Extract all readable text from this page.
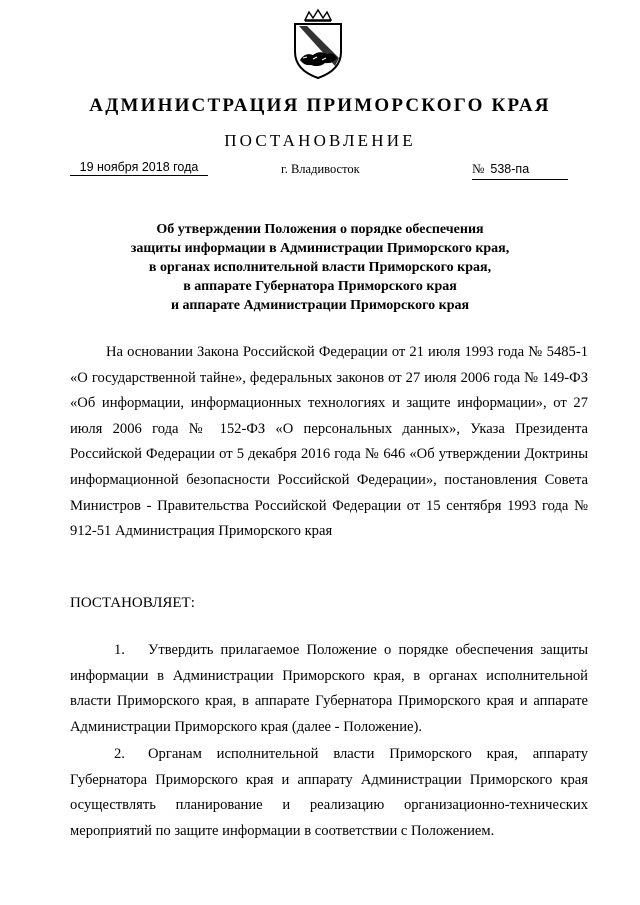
АДМИНИСТРАЦИЯ ПРИМОРСКОГО КРАЯ
ПОСТАНОВЛЕНИЕ
19 ноября 2018 года	г. Владивосток	№ 538-па
Об утверждении Положения о порядке обеспечения
защиты информации в Администрации Приморского края,
в органах исполнительной власти Приморского края,
в аппарате Губернатора Приморского края
и аппарате Администрации Приморского края
На основании Закона Российской Федерации от 21 июля 1993 года № 5485-1 «О государственной тайне», федеральных законов от 27 июля 2006 года № 149-ФЗ «Об информации, информационных технологиях и защите информации», от 27 июля 2006 года № 152-ФЗ «О персональных данных», Указа Президента Российской Федерации от 5 декабря 2016 года № 646 «Об утверждении Доктрины информационной безопасности Российской Федерации», постановления Совета Министров - Правительства Российской Федерации от 15 сентября 1993 года № 912-51 Администрация Приморского края
ПОСТАНОВЛЯЕТ:
1. Утвердить прилагаемое Положение о порядке обеспечения защиты информации в Администрации Приморского края, в органах исполнительной власти Приморского края, в аппарате Губернатора Приморского края и аппарате Администрации Приморского края (далее - Положение).
2. Органам исполнительной власти Приморского края, аппарату Губернатора Приморского края и аппарату Администрации Приморского края осуществлять планирование и реализацию организационно-технических мероприятий по защите информации в соответствии с Положением.
